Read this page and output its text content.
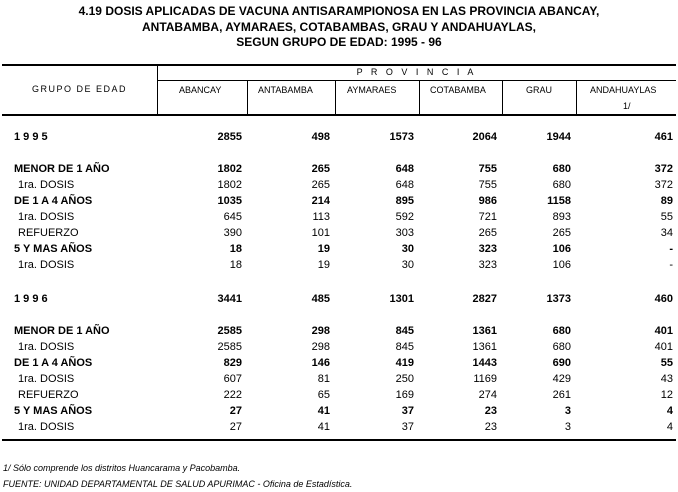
4.19 DOSIS APLICADAS DE VACUNA ANTISARAMPIONOSA EN LAS PROVINCIA ABANCAY,
ANTABAMBA, AYMARAES, COTABAMBAS, GRAU Y ANDAHUAYLAS,
SEGUN GRUPO DE EDAD: 1995 - 96
GRUPO DE EDAD
P R O V I N C I A
ABANCAY	ANTABAMBA	AYMARAES	COTABAMBA	GRAU	ANDAHUAYLAS
1/
1 9 9 5	2855	498	1573	2064	1944	461
MENOR DE 1 AÑO	1802	265	648	755	680	372
1ra. DOSIS	1802	265	648	755	680	372
DE 1 A 4 AÑOS	1035	214	895	986	1158	89
1ra. DOSIS	645	113	592	721	893	55
REFUERZO	390	101	303	265	265	34
5 Y MAS AÑOS	18	19	30	323	106	-
1ra. DOSIS	18	19	30	323	106	-
1 9 9 6	3441	485	1301	2827	1373	460
MENOR DE 1 AÑO	2585	298	845	1361	680	401
1ra. DOSIS	2585	298	845	1361	680	401
DE 1 A 4 AÑOS	829	146	419	1443	690	55
1ra. DOSIS	607	81	250	1169	429	43
REFUERZO	222	65	169	274	261	12
5 Y MAS AÑOS	27	41	37	23	3	4
1ra. DOSIS	27	41	37	23	3	4
1/ Sólo comprende los distritos Huancarama y Pacobamba.
FUENTE: UNIDAD DEPARTAMENTAL DE SALUD APURIMAC - Oficina de Estadística.
